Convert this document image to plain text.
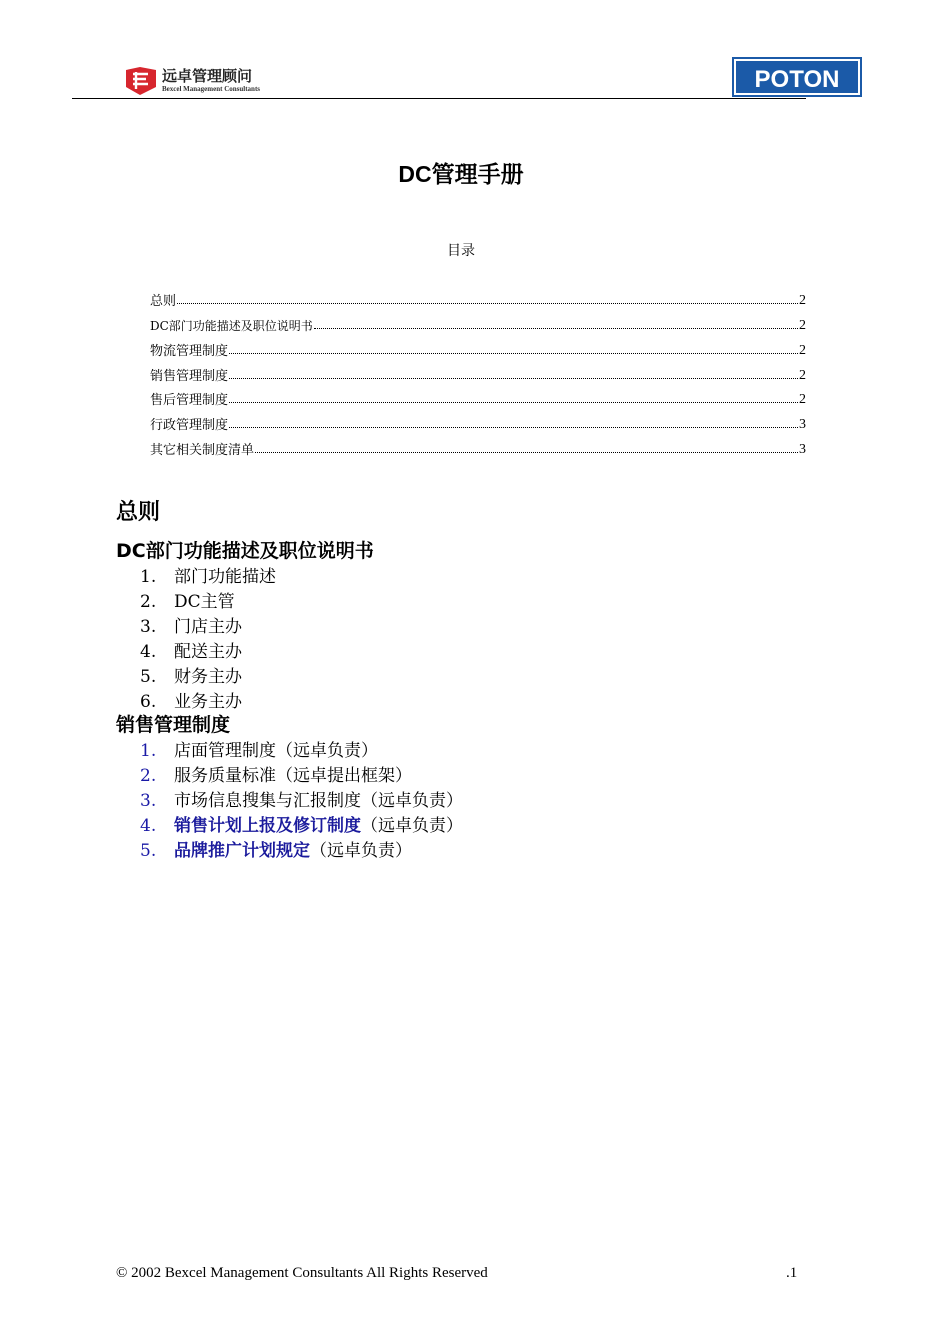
远卓管理顾问
Bexcel Management Consultants	POTON
DC管理手册
目录
总则	2
DC部门功能描述及职位说明书	2
物流管理制度	2
销售管理制度	2
售后管理制度	2
行政管理制度	3
其它相关制度清单	3
总则
DC部门功能描述及职位说明书
1. 部门功能描述
2. DC主管
3. 门店主办
4. 配送主办
5. 财务主办
6. 业务主办
销售管理制度
1. 店面管理制度（远卓负责）
2. 服务质量标准（远卓提出框架）
3. 市场信息搜集与汇报制度（远卓负责）
4. 销售计划上报及修订制度（远卓负责）
5. 品牌推广计划规定（远卓负责）
© 2002 Bexcel Management Consultants All Rights Reserved	.1
